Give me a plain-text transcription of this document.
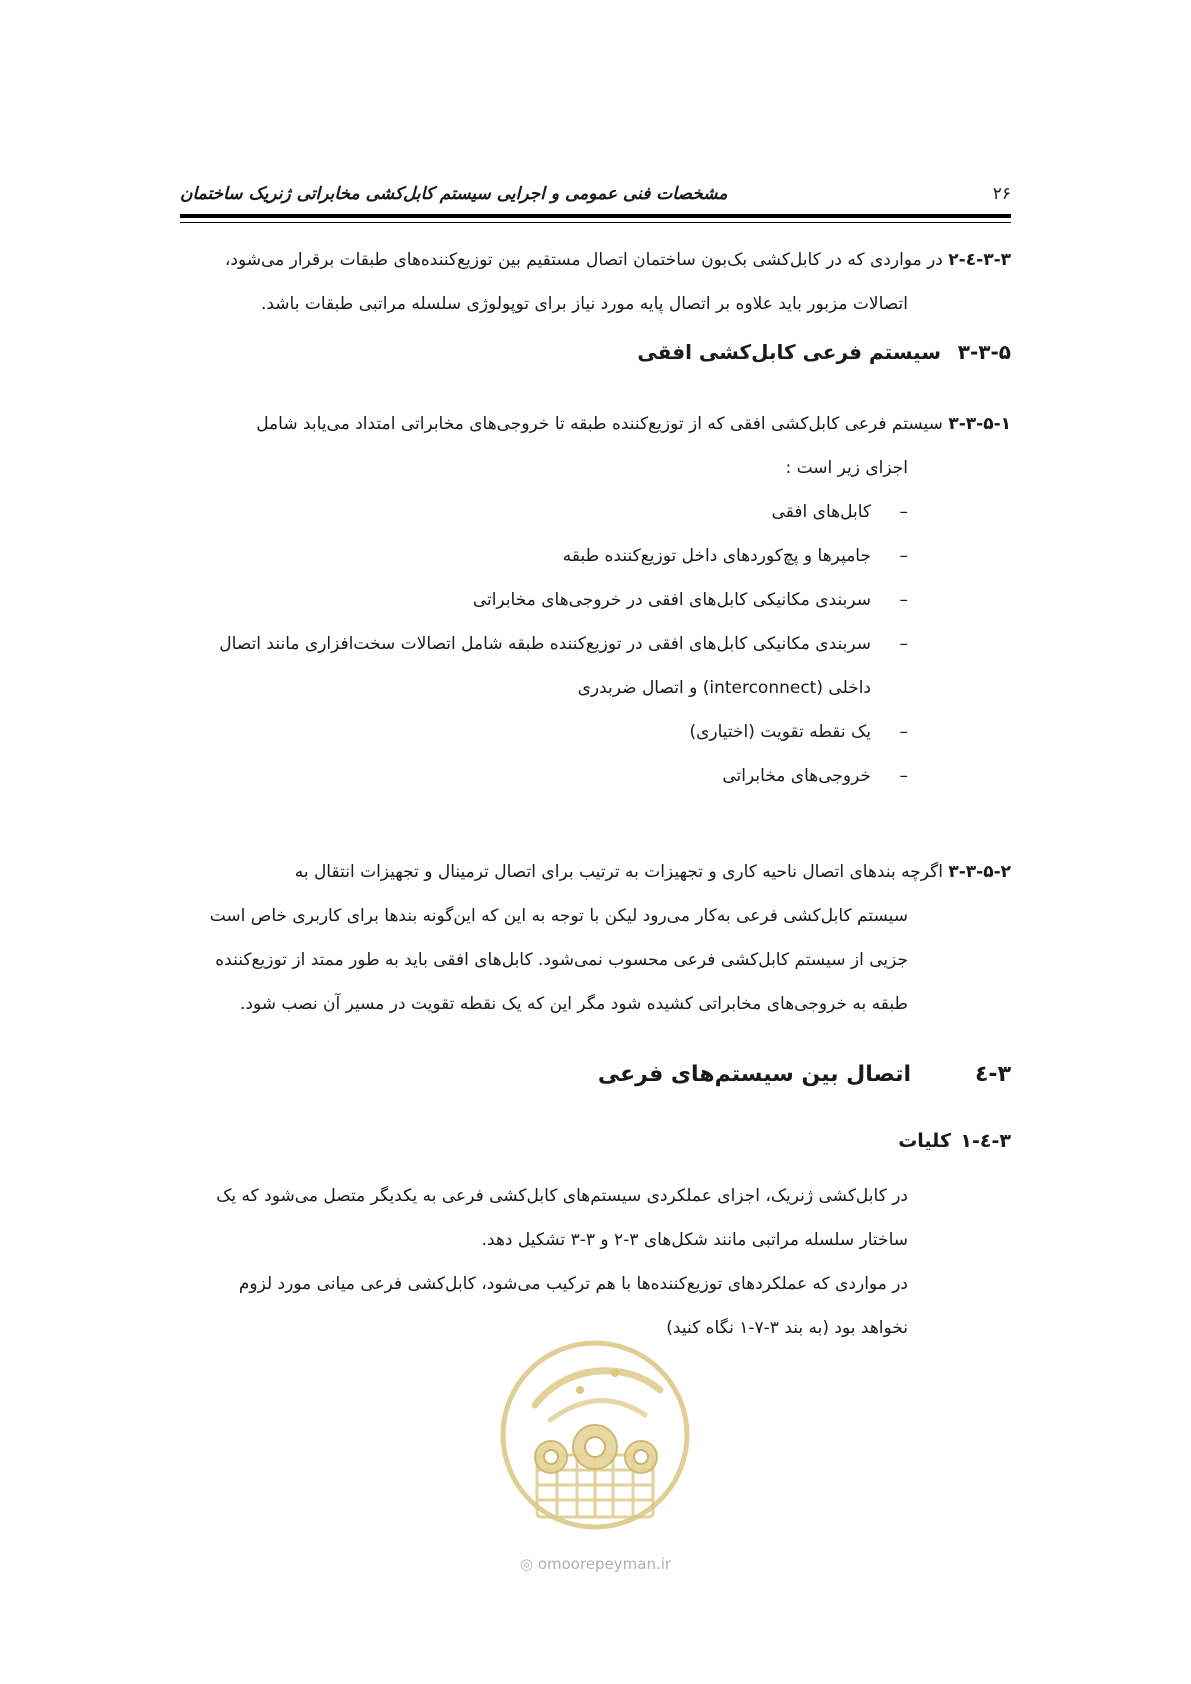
۲۶
مشخصات فنی عمومی و اجرایی سیستم کابل‌کشی مخابراتی ژنریک ساختمان
۳-۳-٤-۲ در مواردی که در کابل‌کشی بک‌بون ساختمان اتصال مستقیم بین توزیع‌کننده‌های طبقات برقرار می‌شود،
اتصالات مزبور باید علاوه بر اتصال پایه مورد نیاز برای توپولوژی سلسله مراتبی طبقات باشد.
۳-۳-۵سیستم فرعی کابل‌کشی افقی
۳-۳-۵-۱ سیستم فرعی کابل‌کشی افقی که از توزیع‌کننده طبقه تا خروجی‌های مخابراتی امتداد می‌یابد شامل
اجزای زیر است :
–
کابل‌های افقی
–
جامپرها و پچ‌کوردهای داخل توزیع‌کننده طبقه
–
سربندی مکانیکی کابل‌های افقی در خروجی‌های مخابراتی
–
سربندی مکانیکی کابل‌های افقی در توزیع‌کننده طبقه شامل اتصالات سخت‌افزاری مانند اتصال
داخلی (interconnect) و اتصال ضربدری
–
یک نقطه تقویت (اختیاری)
–
خروجی‌های مخابراتی
۳-۳-۵-۲ اگرچه بندهای اتصال ناحیه کاری و تجهیزات به ترتیب برای اتصال ترمینال و تجهیزات انتقال به
سیستم کابل‌کشی فرعی به‌کار می‌رود لیکن با توجه به این که این‌گونه بندها برای کاربری خاص است
جزیی از سیستم کابل‌کشی فرعی محسوب نمی‌شود. کابل‌های افقی باید به طور ممتد از توزیع‌کننده
طبقه به خروجی‌های مخابراتی کشیده شود مگر این که یک نقطه تقویت در مسیر آن نصب شود.
۳-٤اتصال بین سیستم‌های فرعی
۳-٤-۱کلیات
در کابل‌کشی ژنریک، اجزای عملکردی سیستم‌های کابل‌کشی فرعی به یکدیگر متصل می‌شود که یک
ساختار سلسله مراتبی مانند شکل‌های ۳-۲ و ۳-۳ تشکیل دهد.
در مواردی که عملکردهای توزیع‌کننده‌ها با هم ترکیب می‌شود، کابل‌کشی فرعی میانی مورد لزوم
نخواهد بود (به بند ۳-۷-۱ نگاه کنید)
◎ omoorepeyman.ir
